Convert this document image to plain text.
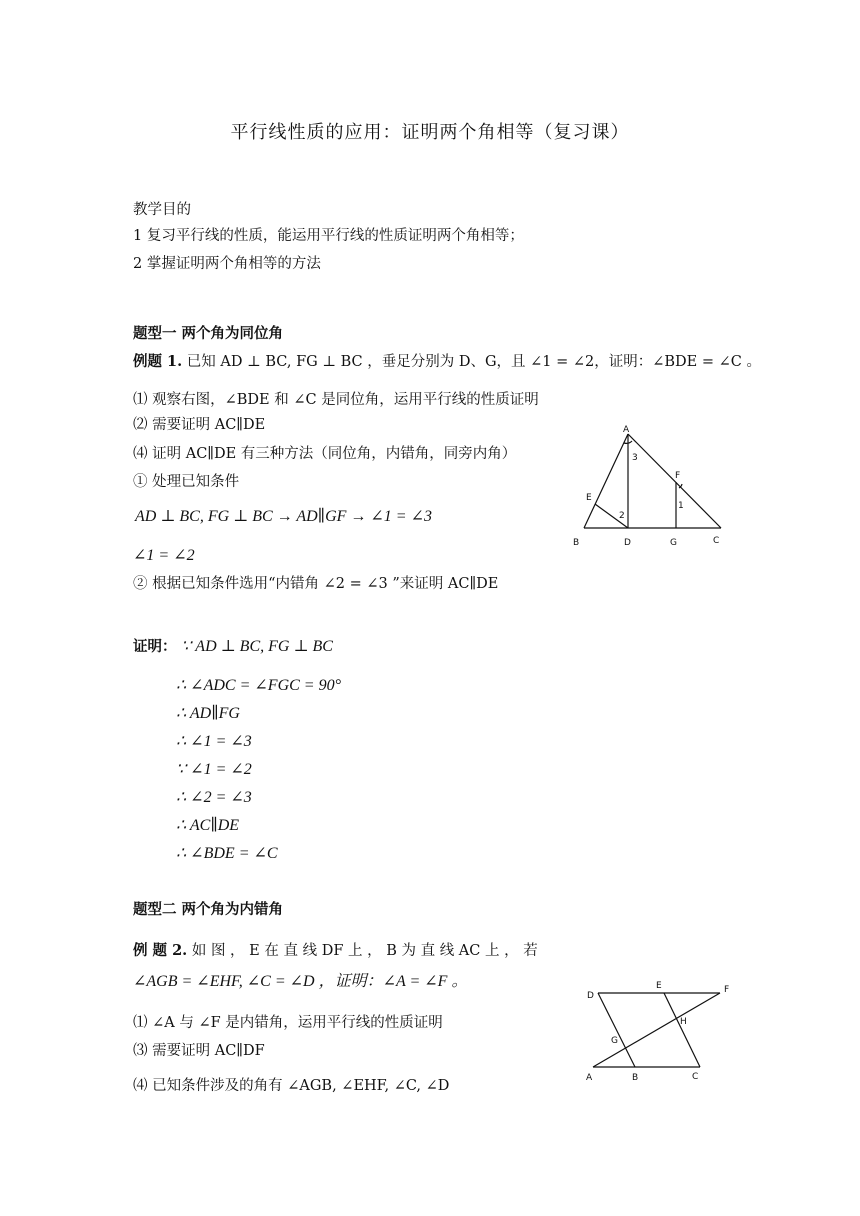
平行线性质的应用：证明两个角相等（复习课）
教学目的
1 复习平行线的性质，能运用平行线的性质证明两个角相等；
2 掌握证明两个角相等的方法
题型一 两个角为同位角
例题 1. 已知 AD ⊥ BC, FG ⊥ BC ，垂足分别为 D、G，且 ∠1 = ∠2，证明：∠BDE = ∠C 。
⑴ 观察右图，∠BDE 和 ∠C 是同位角，运用平行线的性质证明
⑵ 需要证明 AC∥DE
⑷ 证明 AC∥DE 有三种方法（同位角，内错角，同旁内角）
① 处理已知条件
AD ⊥ BC, FG ⊥ BC → AD∥GF → ∠1 = ∠3
∠1 = ∠2
② 根据已知条件选用“内错角 ∠2 = ∠3 ”来证明 AC∥DE
A
B	C
D
E
F
G
1
2
3
证明： ∵ AD ⊥ BC, FG ⊥ BC
∴ ∠ADC = ∠FGC = 90°
∴ AD∥FG
∴ ∠1 = ∠3
∵ ∠1 = ∠2
∴ ∠2 = ∠3
∴ AC∥DE
∴ ∠BDE = ∠C
题型二 两个角为内错角
例 题 2. 如 图 ， E 在 直 线 DF 上 ， B 为 直 线 AC 上 ， 若
∠AGB = ∠EHF, ∠C = ∠D ，证明：∠A = ∠F 。
⑴ ∠A 与 ∠F 是内错角，运用平行线的性质证明
⑶ 需要证明 AC∥DF
⑷ 已知条件涉及的角有 ∠AGB, ∠EHF, ∠C, ∠D	A	B	C
D
E	F
G
H
